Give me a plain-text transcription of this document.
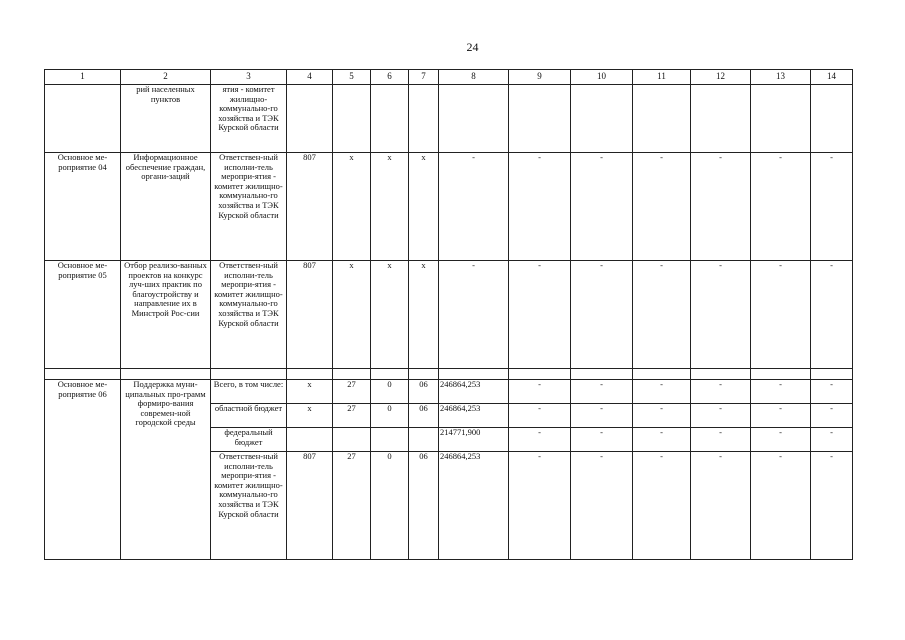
24
1	2	3	4	5	6	7	8	9	10	11	12	13	14
	рий населенных пунктов	ятия - комитет жилищно-коммунально-го хозяйства и ТЭК Курской области											
Основное ме-роприятие 04	Информационное обеспечение граждан, органи-заций	Ответствен-ный исполни-тель меропри-ятия - комитет жилищно-коммунально-го хозяйства и ТЭК Курской области	807	х	х	х	-	-	-	-	-	-	-
Основное ме-роприятие 05	Отбор реализо-ванных проектов на конкурс луч-ших практик по благоустройству и направление их в Минстрой Рос-сии	Ответствен-ный исполни-тель меропри-ятия - комитет жилищно-коммунально-го хозяйства и ТЭК Курской области	807	х	х	х	-	-	-	-	-	-	-

Основное ме-роприятие 06	Поддержка муни-ципальных про-грамм формиро-вания современ-ной городской среды	Всего, в том числе:	х	27	0	06	246864,253	-	-	-	-	-	-
		областной бюджет	х	27	0	06	246864,253	-	-	-	-	-	-
		федеральный бюджет					214771,900	-	-	-	-	-	-
		Ответствен-ный исполни-тель меропри-ятия - комитет жилищно-коммунально-го хозяйства и ТЭК Курской области	807	27	0	06	246864,253	-	-	-	-	-	-
